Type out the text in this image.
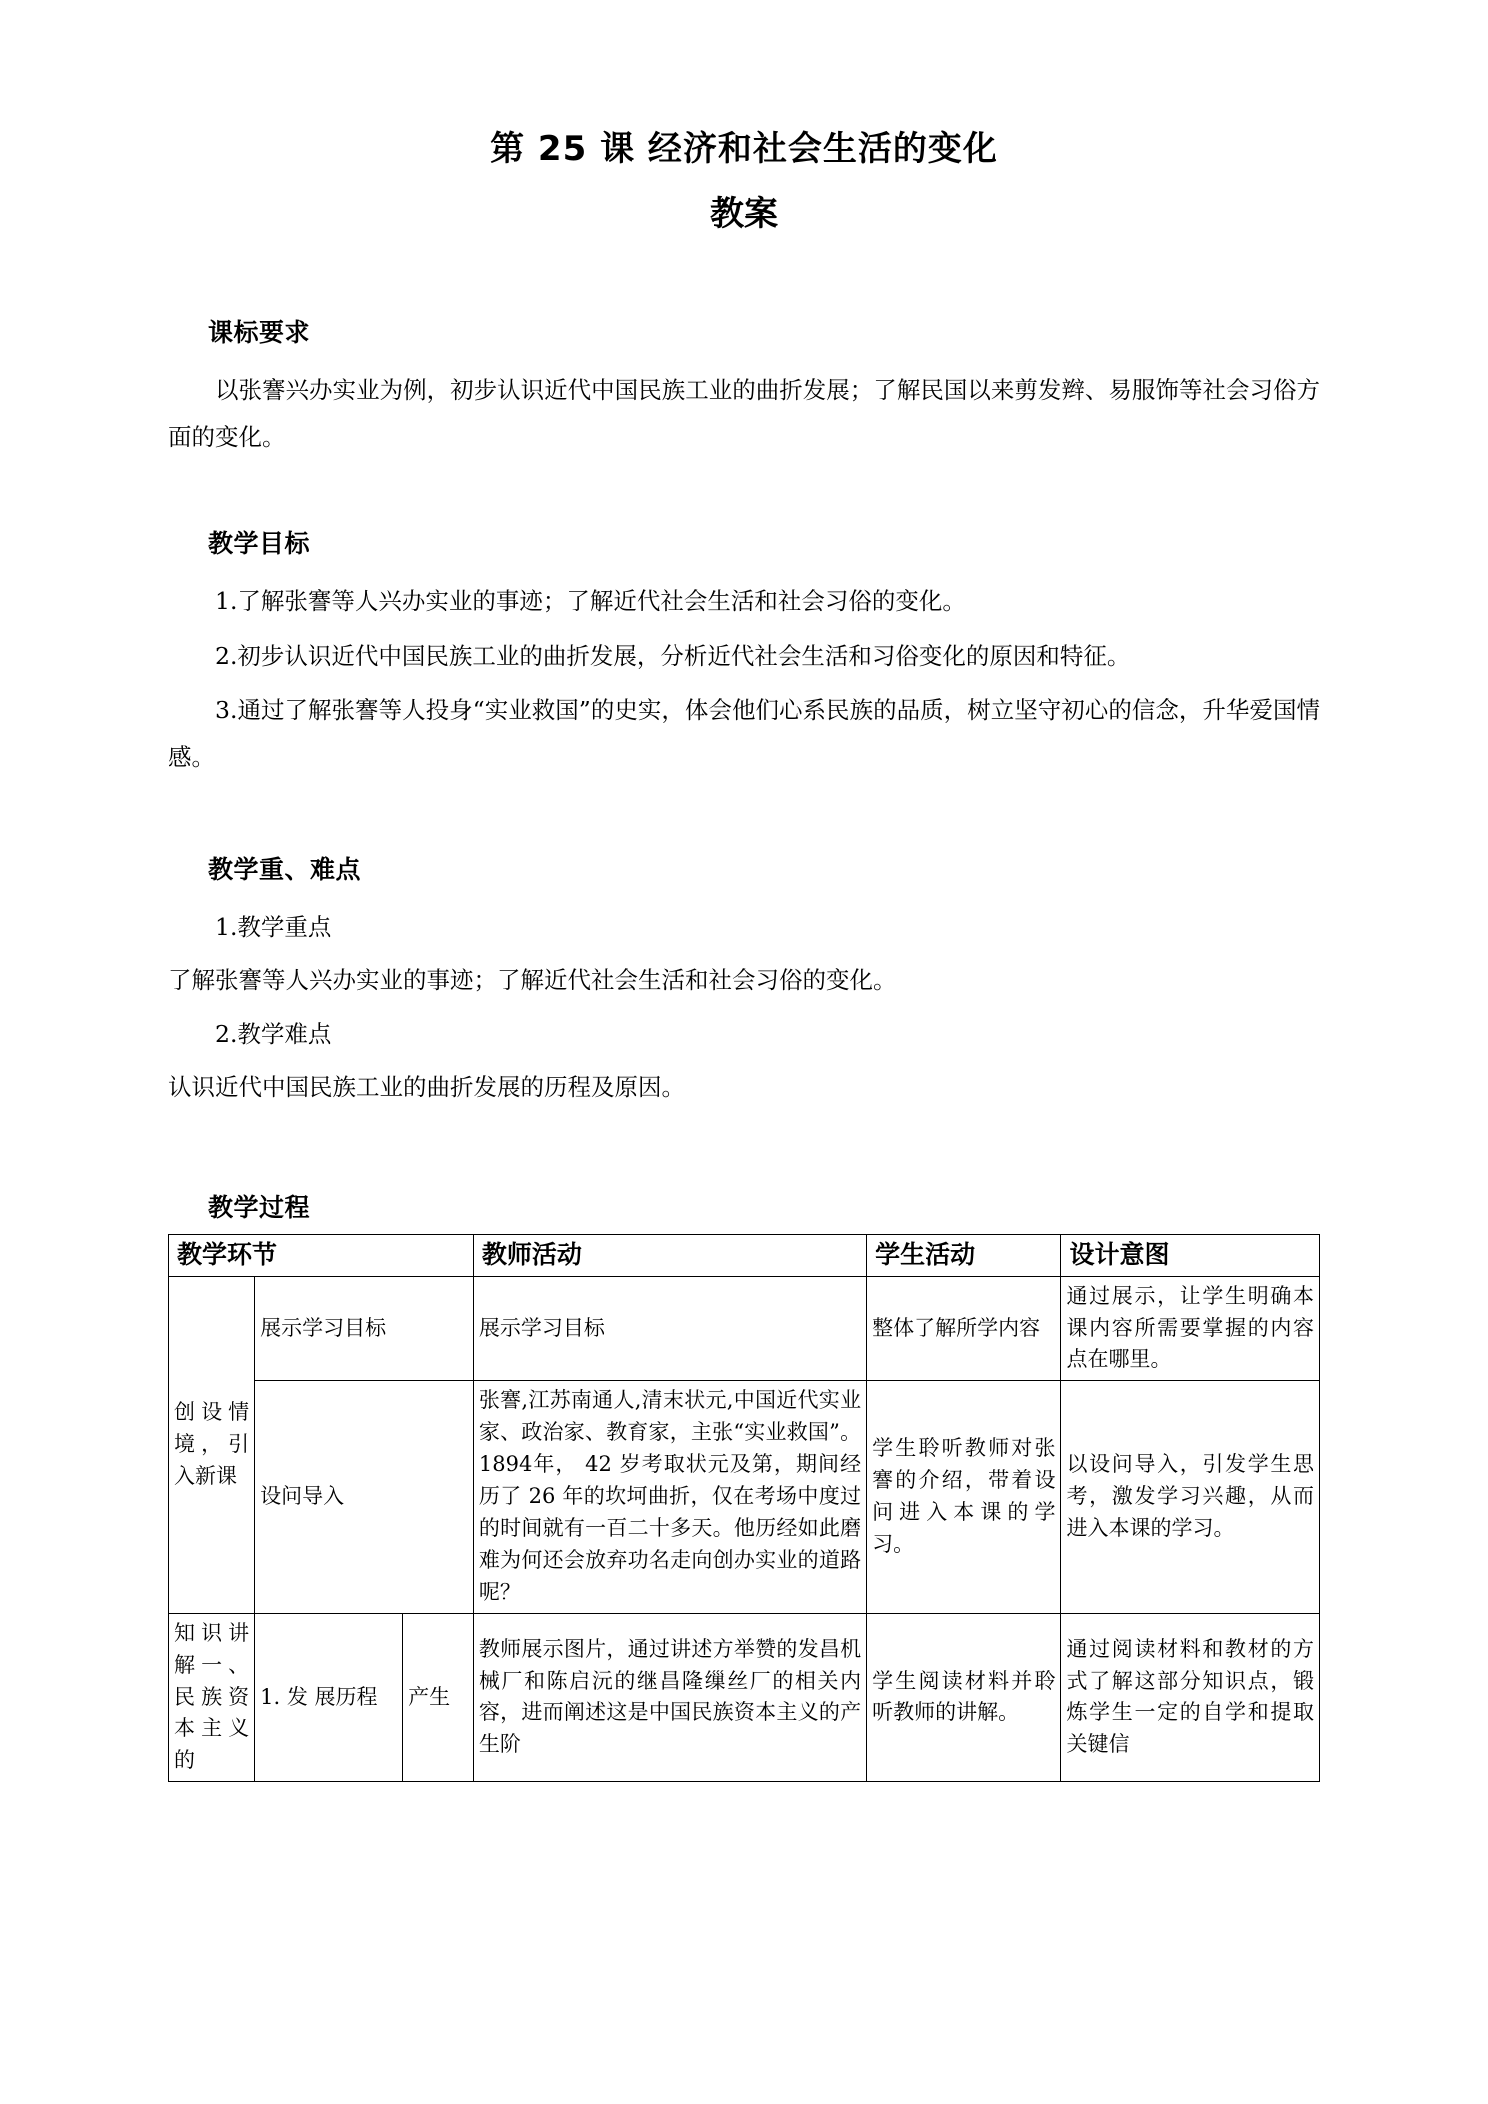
第 25 课 经济和社会生活的变化
教案
课标要求

以张謇兴办实业为例，初步认识近代中国民族工业的曲折发展；了解民国以来剪发辫、易服饰等社会习俗方面的变化。

教学目标

1.了解张謇等人兴办实业的事迹；了解近代社会生活和社会习俗的变化。

2.初步认识近代中国民族工业的曲折发展，分析近代社会生活和习俗变化的原因和特征。

3.通过了解张謇等人投身“实业救国”的史实，体会他们心系民族的品质，树立坚守初心的信念，升华爱国情感。

教学重、难点

1.教学重点

了解张謇等人兴办实业的事迹；了解近代社会生活和社会习俗的变化。

2.教学难点

认识近代中国民族工业的曲折发展的历程及原因。

教学过程
教学环节			教师活动	学生活动	设计意图
创设情境，引入新课	展示学习目标		展示学习目标	整体了解所学内容	通过展示，让学生明确本课内容所需要掌握的内容点在哪里。
	设问导入		张謇,江苏南通人,清末状元,中国近代实业家、政治家、教育家，主张“实业救国”。1894年， 42 岁考取状元及第，期间经历了 26 年的坎坷曲折，仅在考场中度过的时间就有一百二十多天。他历经如此磨难为何还会放弃功名走向创办实业的道路呢？	学生聆听教师对张謇的介绍，带着设问进入本课的学习。	以设问导入，引发学生思考，激发学习兴趣，从而进入本课的学习。
知识讲解一、民族资本主义的	1. 发 展历程	产生	教师展示图片，通过讲述方举赞的发昌机械厂和陈启沅的继昌隆缫丝厂的相关内容，进而阐述这是中国民族资本主义的产生阶	学生阅读材料并聆听教师的讲解。	通过阅读材料和教材的方式了解这部分知识点，锻炼学生一定的自学和提取关键信
